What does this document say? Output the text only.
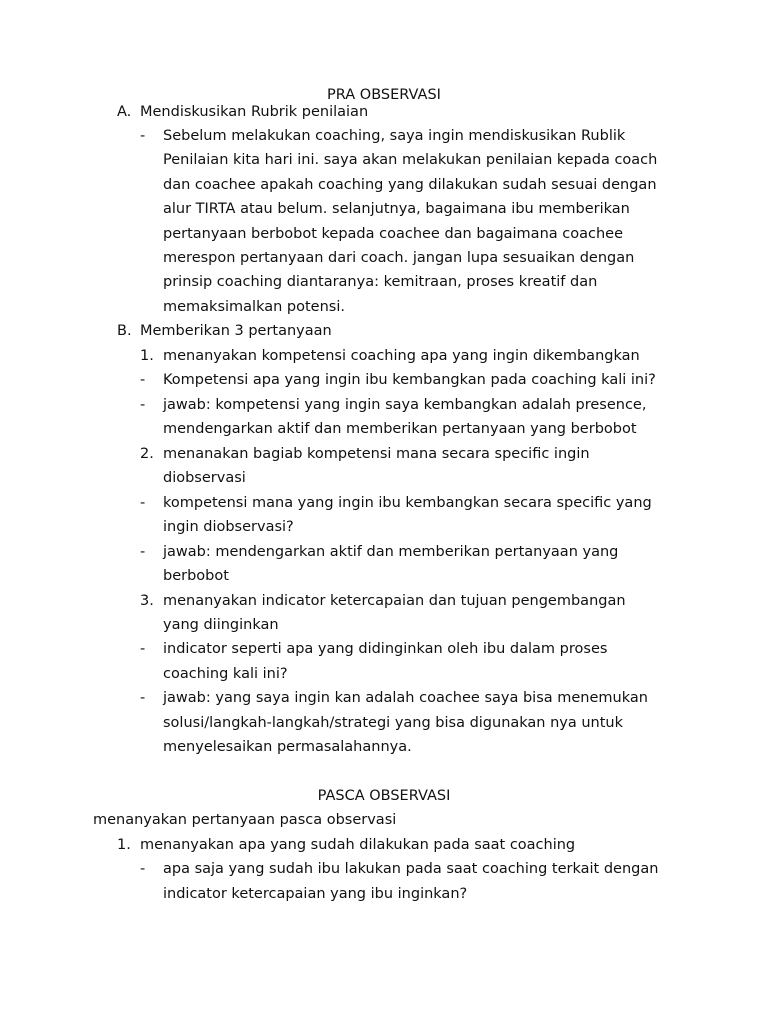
PRA OBSERVASI
A. Mendiskusikan Rubrik penilaian
- Sebelum melakukan coaching, saya ingin mendiskusikan Rublik
Penilaian kita hari ini. saya akan melakukan penilaian kepada coach
dan coachee apakah coaching yang dilakukan sudah sesuai dengan
alur TIRTA atau belum. selanjutnya, bagaimana ibu memberikan
pertanyaan berbobot kepada coachee dan bagaimana coachee
merespon pertanyaan dari coach. jangan lupa sesuaikan dengan
prinsip coaching diantaranya: kemitraan, proses kreatif dan
memaksimalkan potensi.
B. Memberikan 3 pertanyaan
1. menanyakan kompetensi coaching apa yang ingin dikembangkan
- Kompetensi apa yang ingin ibu kembangkan pada coaching kali ini?
- jawab: kompetensi yang ingin saya kembangkan adalah presence,
mendengarkan aktif dan memberikan pertanyaan yang berbobot
2. menanakan bagiab kompetensi mana secara specific ingin
diobservasi
- kompetensi mana yang ingin ibu kembangkan secara specific yang
ingin diobservasi?
- jawab: mendengarkan aktif dan memberikan pertanyaan yang
berbobot
3. menanyakan indicator ketercapaian dan tujuan pengembangan
yang diinginkan
- indicator seperti apa yang didinginkan oleh ibu dalam proses
coaching kali ini?
- jawab: yang saya ingin kan adalah coachee saya bisa menemukan
solusi/langkah-langkah/strategi yang bisa digunakan nya untuk
menyelesaikan permasalahannya.
PASCA OBSERVASI
menanyakan pertanyaan pasca observasi
1. menanyakan apa yang sudah dilakukan pada saat coaching
- apa saja yang sudah ibu lakukan pada saat coaching terkait dengan
indicator ketercapaian yang ibu inginkan?
